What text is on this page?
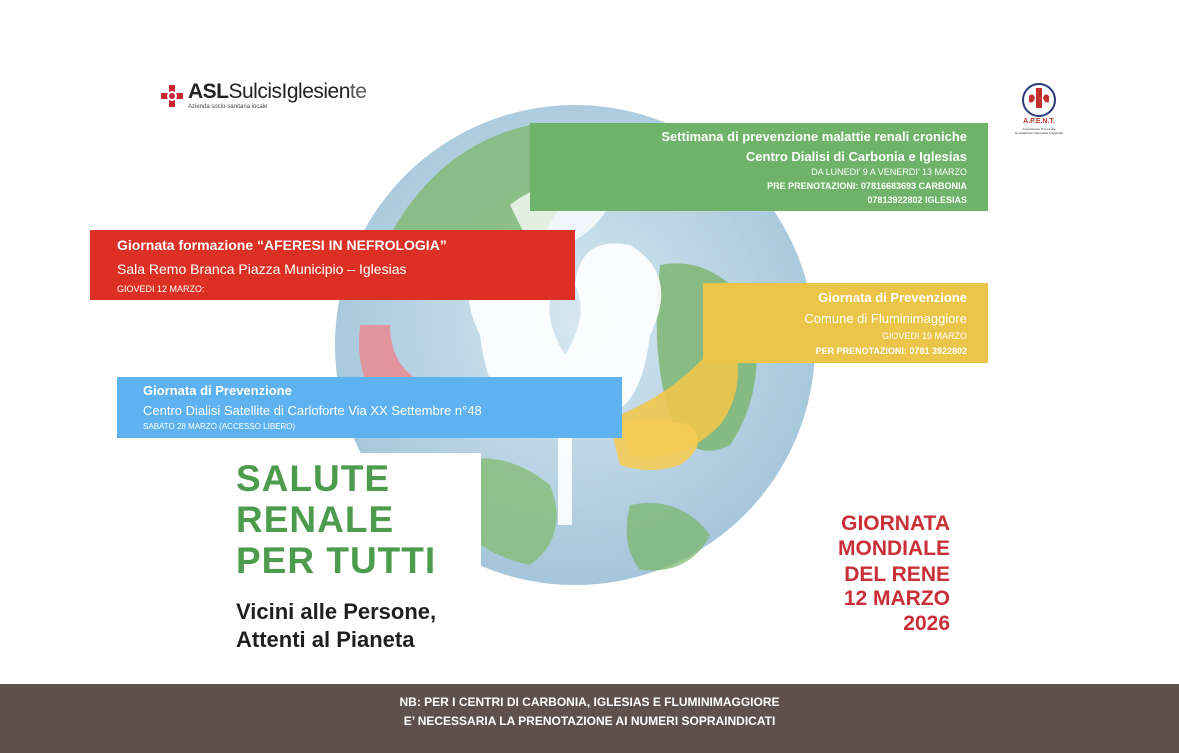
ASLSulcisIglesiente
Azienda socio-sanitaria locale
A.P.E.N.T.
Associazione Provinciale Emodializzati Nefropatici Trapiantati
Settimana di prevenzione malattie renali croniche
Centro Dialisi di Carbonia e Iglesias
DA LUNEDI’ 9 A VENERDI’ 13 MARZO
PRE PRENOTAZIONI: 07816683693 CARBONIA
07813922802 IGLESIAS
Giornata formazione “AFERESI IN NEFROLOGIA”
Sala Remo Branca Piazza Municipio – Iglesias
GIOVEDI 12 MARZO:
Giornata di Prevenzione
Comune di Fluminimaggiore
GIOVEDI 19 MARZO
PER PRENOTAZIONI: 0781 3922802
Giornata di Prevenzione
Centro Dialisi Satellite di Carloforte Via XX Settembre n°48
SABATO 28 MARZO (ACCESSO LIBERO)
SALUTE
RENALE
PER TUTTI
Vicini alle Persone,
Attenti al Pianeta
GIORNATA
MONDIALE
DEL RENE
12 MARZO
2026
NB: PER I CENTRI DI CARBONIA, IGLESIAS E FLUMINIMAGGIORE
E’ NECESSARIA LA PRENOTAZIONE AI NUMERI SOPRAINDICATI
